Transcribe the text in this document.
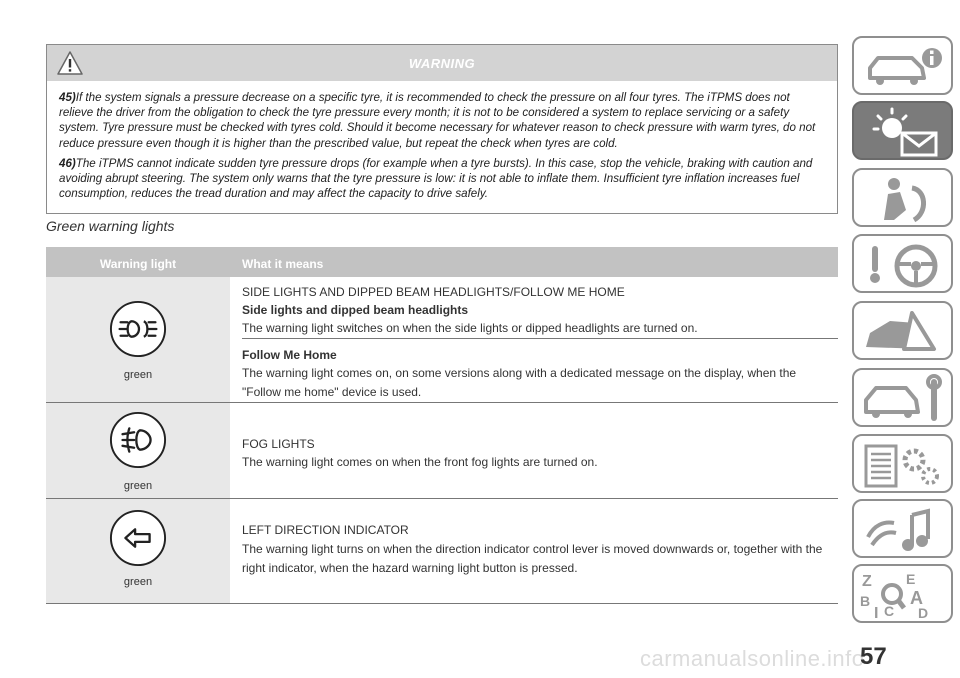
WARNING

45)If the system signals a pressure decrease on a specific tyre, it is recommended to check the pressure on all four tyres. The iTPMS does not relieve the driver from the obligation to check the tyre pressure every month; it is not to be considered a system to replace servicing or a safety system. Tyre pressure must be checked with tyres cold. Should it become necessary for whatever reason to check pressure with warm tyres, do not reduce pressure even though it is higher than the prescribed value, but repeat the check when tyres are cold.

46)The iTPMS cannot indicate sudden tyre pressure drops (for example when a tyre bursts). In this case, stop the vehicle, braking with caution and avoiding abrupt steering. The system only warns that the tyre pressure is low: it is not able to inflate them. Insufficient tyre inflation increases fuel consumption, reduces the tread duration and may affect the capacity to drive safely.

Green warning lights
Warning light	What it means
green
SIDE LIGHTS AND DIPPED BEAM HEADLIGHTS/FOLLOW ME HOME
Side lights and dipped beam headlights
The warning light switches on when the side lights or dipped headlights are turned on.
Follow Me Home
The warning light comes on, on some versions along with a dedicated message on the display, when the "Follow me home" device is used.
green
FOG LIGHTS
The warning light comes on when the front fog lights are turned on.
green
LEFT DIRECTION INDICATOR
The warning light turns on when the direction indicator control lever is moved downwards or, together with the right indicator, when the hazard warning light button is pressed.
Z E
B A
I C D
carmanualsonline.info
57
